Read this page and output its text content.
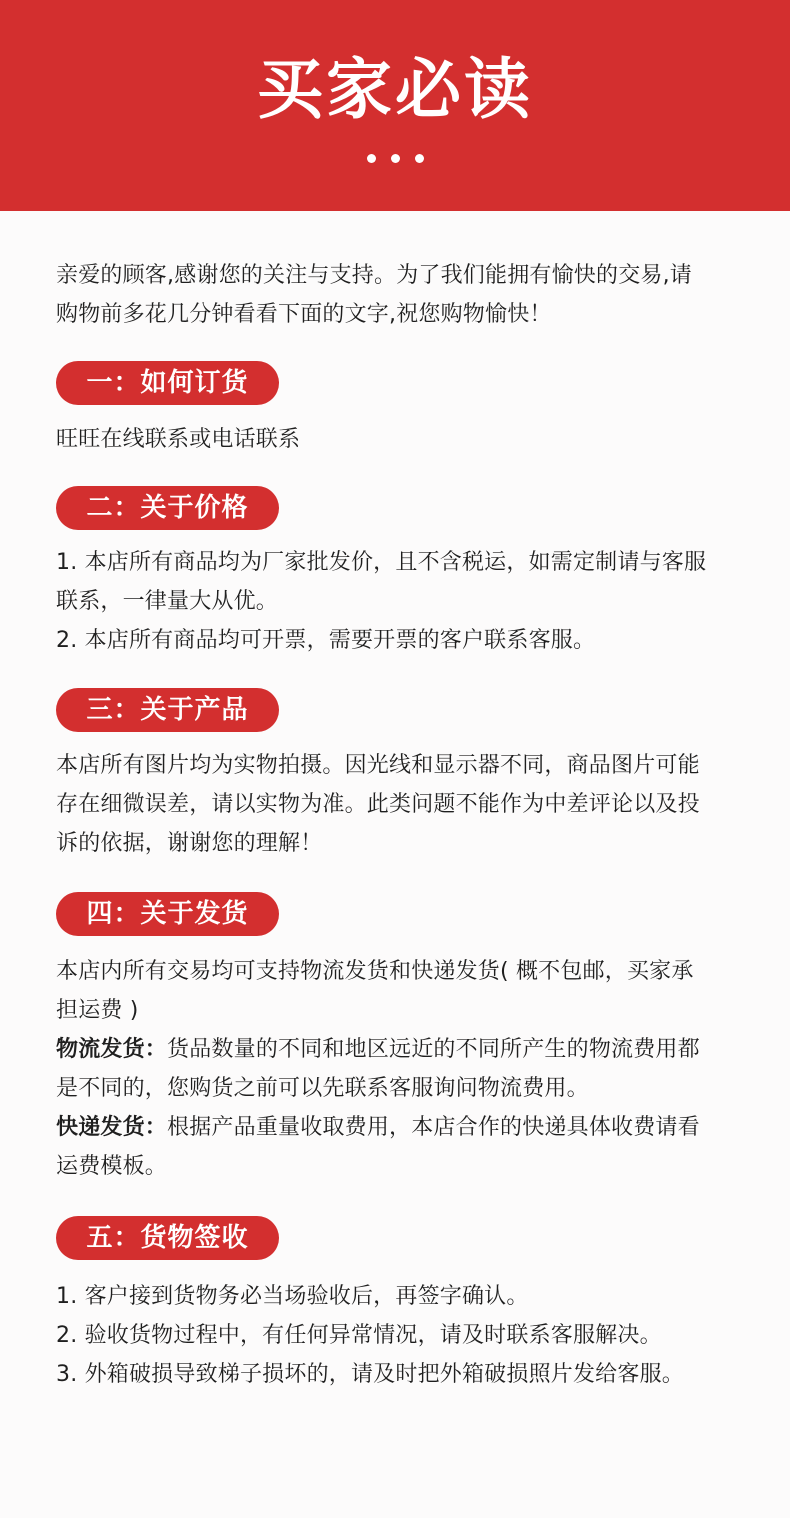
买家必读
亲爱的顾客,感谢您的关注与支持。为了我们能拥有愉快的交易,请
购物前多花几分钟看看下面的文字,祝您购物愉快！
一：如何订货
旺旺在线联系或电话联系
二：关于价格
1. 本店所有商品均为厂家批发价，且不含税运，如需定制请与客服
联系，一律量大从优。
2. 本店所有商品均可开票，需要开票的客户联系客服。
三：关于产品
本店所有图片均为实物拍摄。因光线和显示器不同，商品图片可能
存在细微误差，请以实物为准。此类问题不能作为中差评论以及投
诉的依据，谢谢您的理解！
四：关于发货
本店内所有交易均可支持物流发货和快递发货( 概不包邮，买家承
担运费 )
物流发货：货品数量的不同和地区远近的不同所产生的物流费用都
是不同的，您购货之前可以先联系客服询问物流费用。
快递发货：根据产品重量收取费用，本店合作的快递具体收费请看
运费模板。
五：货物签收
1. 客户接到货物务必当场验收后，再签字确认。
2. 验收货物过程中，有任何异常情况，请及时联系客服解决。
3. 外箱破损导致梯子损坏的，请及时把外箱破损照片发给客服。
